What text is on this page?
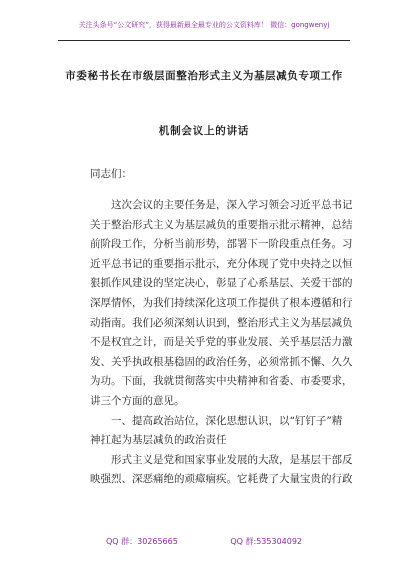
关注头条号“公文研究”，获得最新最全最专业的公文资料库！ 微信：gongwenyj
市委秘书长在市级层面整治形式主义为基层减负专项工作
机制会议上的讲话
同志们：
这次会议的主要任务是，深入学习领会习近平总书记
关于整治形式主义为基层减负的重要指示批示精神，总结
前阶段工作，分析当前形势，部署下一阶段重点任务。习
近平总书记的重要指示批示，充分体现了党中央持之以恒
狠抓作风建设的坚定决心，彰显了心系基层、关爱干部的
深厚情怀，为我们持续深化这项工作提供了根本遵循和行
动指南。我们必须深刻认识到，整治形式主义为基层减负
不是权宜之计，而是关乎党的事业发展、关乎基层活力激
发、关乎执政根基稳固的政治任务，必须常抓不懈、久久
为功。下面，我就贯彻落实中央精神和省委、市委要求，
讲三个方面的意见。
一、提高政治站位，深化思想认识，以“钉钉子”精
神扛起为基层减负的政治责任
形式主义是党和国家事业发展的大敌，是基层干部反
映强烈、深恶痛绝的顽瘴痼疾。它耗费了大量宝贵的行政
QQ 群：30265665	QQ 群:535304092
